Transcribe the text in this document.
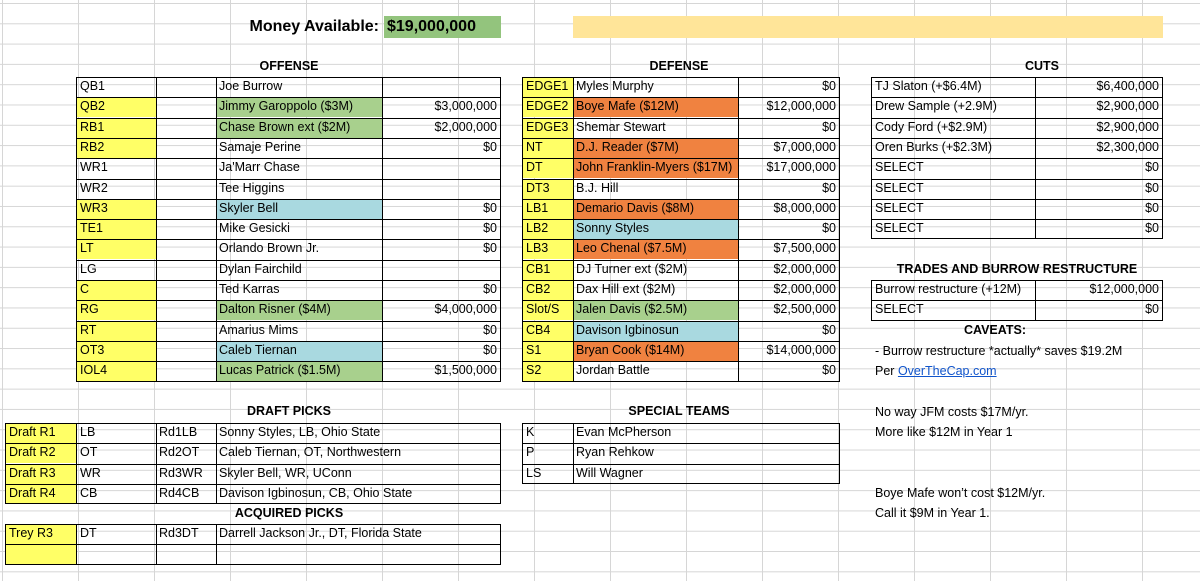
Money Available: $19,000,000
OFFENSE	DEFENSE	CUTS
QB1	Joe Burrow
QB2	Jimmy Garoppolo ($3M)	$3,000,000
RB1	Chase Brown ext ($2M)	$2,000,000
RB2	Samaje Perine	$0
WR1	Ja'Marr Chase
WR2	Tee Higgins
WR3	Skyler Bell	$0
TE1	Mike Gesicki	$0
LT	Orlando Brown Jr.	$0
LG	Dylan Fairchild
C	Ted Karras	$0
RG	Dalton Risner ($4M)	$4,000,000
RT	Amarius Mims	$0
OT3	Caleb Tiernan	$0
IOL4	Lucas Patrick ($1.5M)	$1,500,000
EDGE1 Myles Murphy	$0
EDGE2 Boye Mafe ($12M)	$12,000,000
EDGE3 Shemar Stewart	$0
NT	D.J. Reader ($7M)	$7,000,000
DT	John Franklin-Myers ($17M)	$17,000,000
DT3	B.J. Hill	$0
LB1	Demario Davis ($8M)	$8,000,000
LB2	Sonny Styles	$0
LB3	Leo Chenal ($7.5M)	$7,500,000
CB1	DJ Turner ext ($2M)	$2,000,000
CB2	Dax Hill ext ($2M)	$2,000,000
Slot/S	Jalen Davis ($2.5M)	$2,500,000
CB4	Davison Igbinosun	$0
S1	Bryan Cook ($14M)	$14,000,000
S2	Jordan Battle	$0
TJ Slaton (+$6.4M)	$6,400,000
Drew Sample (+2.9M)	$2,900,000
Cody Ford (+$2.9M)	$2,900,000
Oren Burks (+$2.3M)	$2,300,000
SELECT	$0
SELECT	$0
SELECT	$0
SELECT	$0
TRADES AND BURROW RESTRUCTURE
Burrow restructure (+12M)	$12,000,000
SELECT	$0
CAVEATS:
- Burrow restructure *actually* saves $19.2M
Per OverTheCap.com
No way JFM costs $17M/yr.
More like $12M in Year 1
Boye Mafe won’t cost $12M/yr.
Call it $9M in Year 1.
DRAFT PICKS
Draft R1	LB	Rd1LB	Sonny Styles, LB, Ohio State
Draft R2	OT	Rd2OT	Caleb Tiernan, OT, Northwestern
Draft R3	WR	Rd3WR	Skyler Bell, WR, UConn
Draft R4	CB	Rd4CB	Davison Igbinosun, CB, Ohio State
ACQUIRED PICKS
Trey R3	DT	Rd3DT	Darrell Jackson Jr., DT, Florida State
SPECIAL TEAMS
K	Evan McPherson
P	Ryan Rehkow
LS	Will Wagner
